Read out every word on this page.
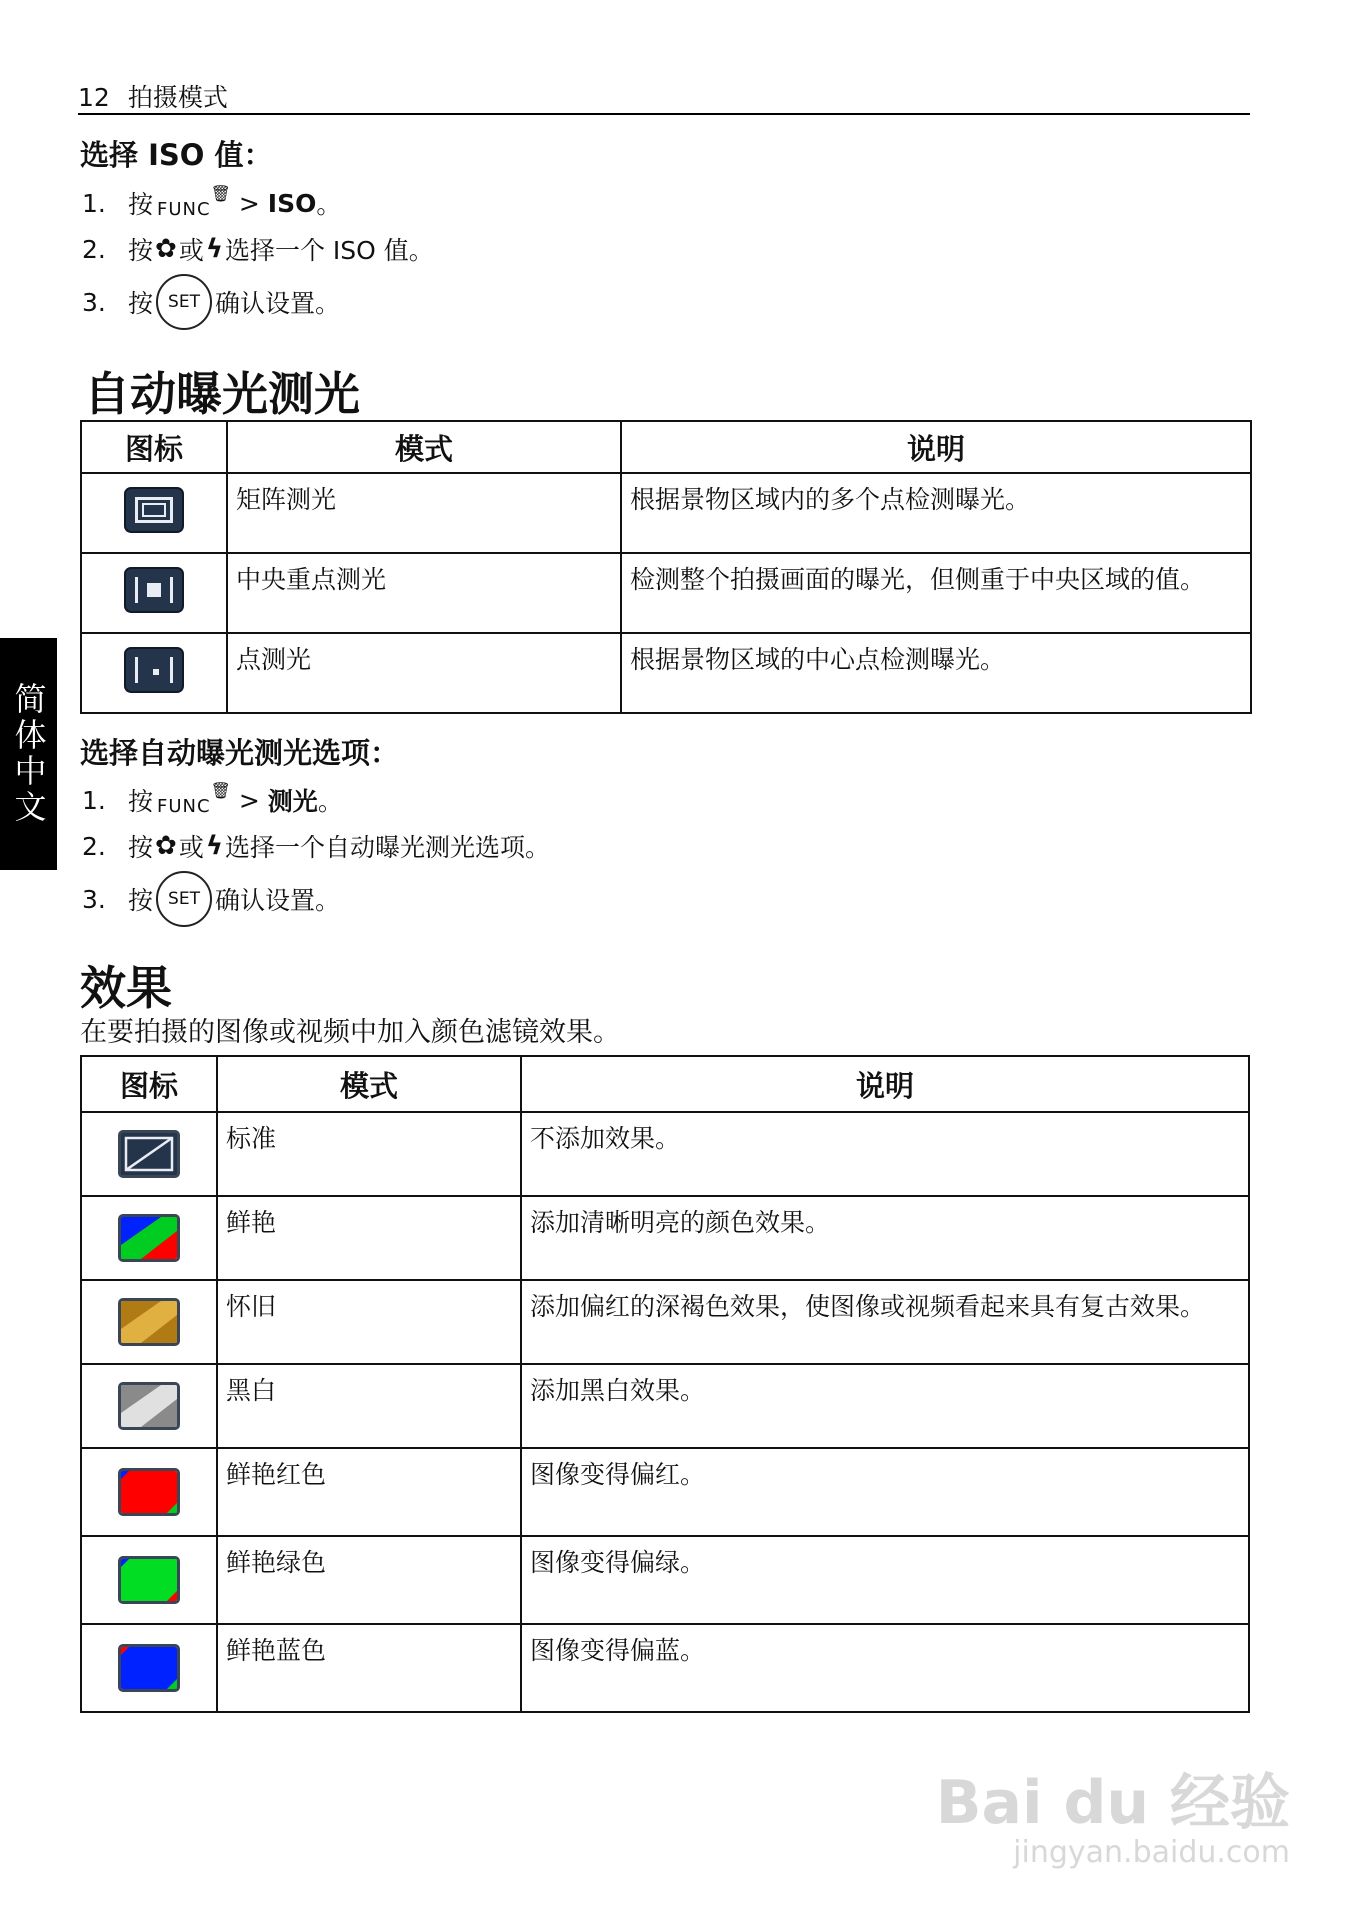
12 拍摄模式
简体中文
选择 ISO 值：
1. 按 FUNC
🗑 >
ISO 。
2. 按 ✿ 或 ϟ 选择一个 ISO 值。
3. 按 SET 确认设置。
自动曝光测光
图标	模式	说明
	矩阵测光	根据景物区域内的多个点检测曝光。
	中央重点测光	检测整个拍摄画面的曝光，但侧重于中央区域的值。
	点测光	根据景物区域的中心点检测曝光。
选择自动曝光测光选项：
1. 按 FUNC
🗑 >
测光 。
2. 按 ✿ 或 ϟ 选择一个自动曝光测光选项。
3. 按 SET 确认设置。
效果
在要拍摄的图像或视频中加入颜色滤镜效果。
图标	模式	说明
	标准	不添加效果。
	鲜艳	添加清晰明亮的颜色效果。
	怀旧	添加偏红的深褐色效果，使图像或视频看起来具有复古效果。
	黑白	添加黑白效果。
	鲜艳红色	图像变得偏红。
	鲜艳绿色	图像变得偏绿。
	鲜艳蓝色	图像变得偏蓝。
Bai du 经验
jingyan.baidu.com
